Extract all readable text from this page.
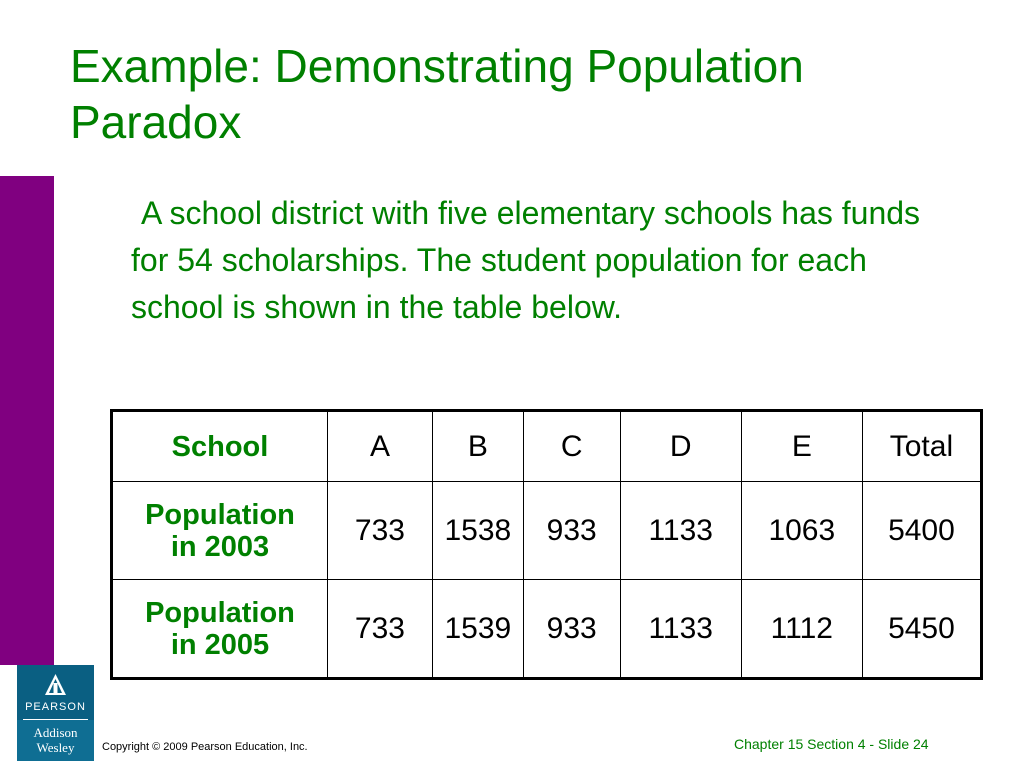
Example: Demonstrating Population Paradox

A school district with five elementary schools has funds for 54 scholarships. The student population for each school is shown in the table below.

School	A	B	C	D	E	Total
Population
in 2003	733	1538	933	1133	1063	5400
Population
in 2005	733	1539	933	1133	1112	5450
PEARSON
Addison
Wesley	Copyright © 2009 Pearson Education, Inc.	Chapter 15 Section 4 - Slide 24
